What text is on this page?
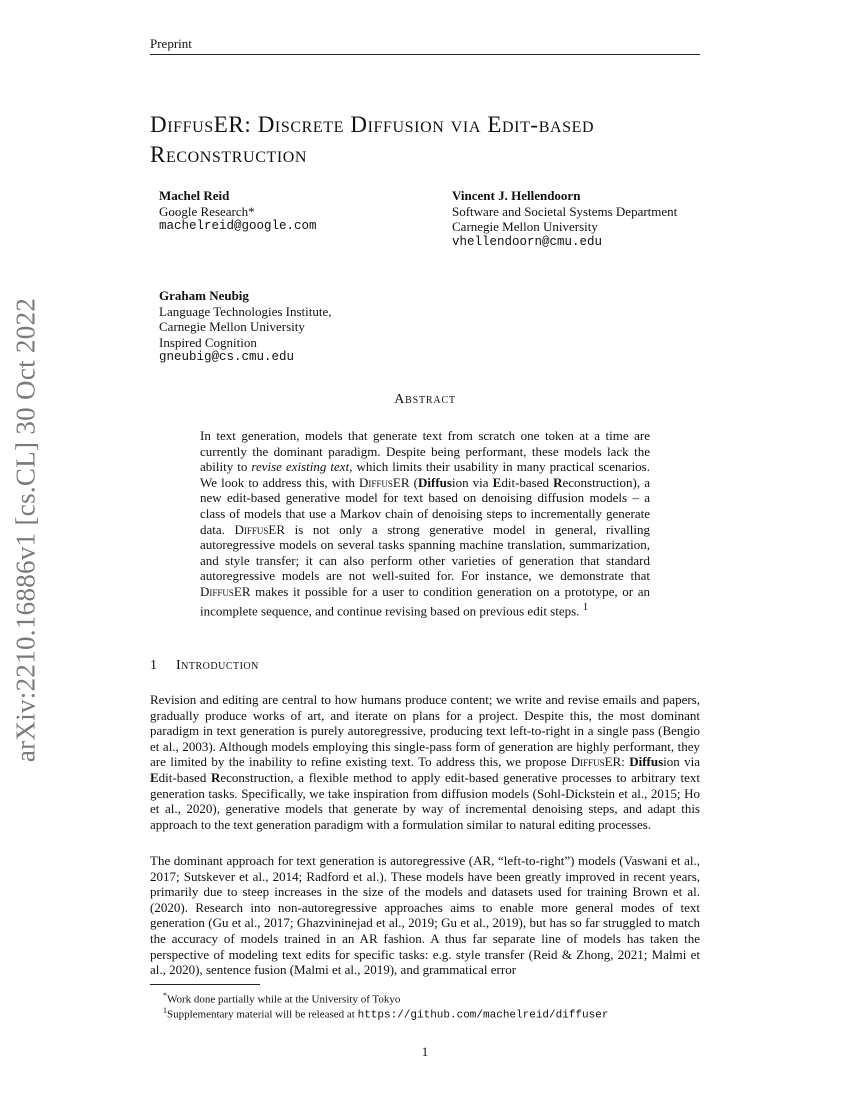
Preprint
arXiv:2210.16886v1 [cs.CL] 30 Oct 2022
DiffusER: Discrete Diffusion via Edit-based
Reconstruction
Machel Reid
Google Research*
machelreid@google.com
Vincent J. Hellendoorn
Software and Societal Systems Department
Carnegie Mellon University
vhellendoorn@cmu.edu
Graham Neubig
Language Technologies Institute,
Carnegie Mellon University
Inspired Cognition
gneubig@cs.cmu.edu
Abstract
In text generation, models that generate text from scratch one token at a time are currently the dominant paradigm. Despite being performant, these models lack the ability to revise existing text, which limits their usability in many practical scenarios. We look to address this, with DiffusER (Diffusion via Edit-based Reconstruction), a new edit-based generative model for text based on denoising diffusion models – a class of models that use a Markov chain of denoising steps to incrementally generate data. DiffusER is not only a strong generative model in general, rivalling autoregressive models on several tasks spanning machine translation, summarization, and style transfer; it can also perform other varieties of generation that standard autoregressive models are not well-suited for. For instance, we demonstrate that DiffusER makes it possible for a user to condition generation on a prototype, or an incomplete sequence, and continue revising based on previous edit steps. $^1$
1 Introduction
Revision and editing are central to how humans produce content; we write and revise emails and papers, gradually produce works of art, and iterate on plans for a project. Despite this, the most dominant paradigm in text generation is purely autoregressive, producing text left-to-right in a single pass (Bengio et al., 2003). Although models employing this single-pass form of generation are highly performant, they are limited by the inability to refine existing text. To address this, we propose DiffusER: Diffusion via Edit-based Reconstruction, a flexible method to apply edit-based generative processes to arbitrary text generation tasks. Specifically, we take inspiration from diffusion models (Sohl-Dickstein et al., 2015; Ho et al., 2020), generative models that generate by way of incremental denoising steps, and adapt this approach to the text generation paradigm with a formulation similar to natural editing processes.
The dominant approach for text generation is autoregressive (AR, “left-to-right”) models (Vaswani et al., 2017; Sutskever et al., 2014; Radford et al.). These models have been greatly improved in recent years, primarily due to steep increases in the size of the models and datasets used for training Brown et al. (2020). Research into non-autoregressive approaches aims to enable more general modes of text generation (Gu et al., 2017; Ghazvininejad et al., 2019; Gu et al., 2019), but has so far struggled to match the accuracy of models trained in an AR fashion. A thus far separate line of models has taken the perspective of modeling text edits for specific tasks: e.g. style transfer (Reid & Zhong, 2021; Malmi et al., 2020), sentence fusion (Malmi et al., 2019), and grammatical error
*Work done partially while at the University of Tokyo
$^1$Supplementary material will be released at https://github.com/machelreid/diffuser
1
